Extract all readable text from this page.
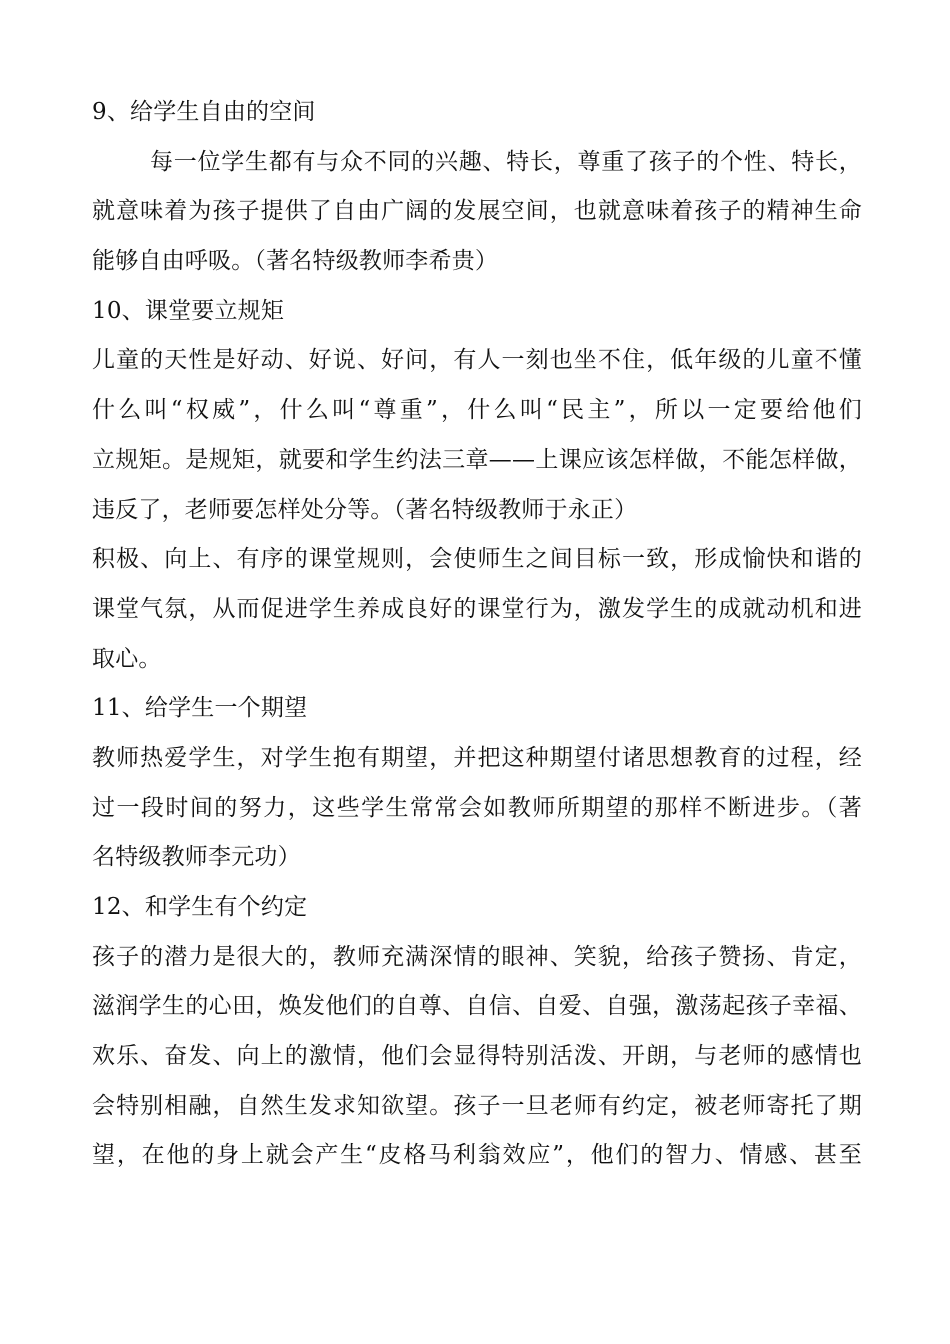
9、给学生自由的空间
每一位学生都有与众不同的兴趣、特长，尊重了孩子的个性、特长，
就意味着为孩子提供了自由广阔的发展空间，也就意味着孩子的精神生命
能够自由呼吸。（著名特级教师李希贵）
10、课堂要立规矩
儿童的天性是好动、好说、好问，有人一刻也坐不住，低年级的儿童不懂
什么叫“权威”，什么叫“尊重”，什么叫“民主”，所以一定要给他们
立规矩。是规矩，就要和学生约法三章——上课应该怎样做，不能怎样做，
违反了，老师要怎样处分等。（著名特级教师于永正）
积极、向上、有序的课堂规则，会使师生之间目标一致，形成愉快和谐的
课堂气氛，从而促进学生养成良好的课堂行为，激发学生的成就动机和进
取心。
11、给学生一个期望
教师热爱学生，对学生抱有期望，并把这种期望付诸思想教育的过程，经
过一段时间的努力，这些学生常常会如教师所期望的那样不断进步。（著
名特级教师李元功）
12、和学生有个约定
孩子的潜力是很大的，教师充满深情的眼神、笑貌，给孩子赞扬、肯定，
滋润学生的心田，焕发他们的自尊、自信、自爱、自强，激荡起孩子幸福、
欢乐、奋发、向上的激情，他们会显得特别活泼、开朗，与老师的感情也
会特别相融，自然生发求知欲望。孩子一旦老师有约定，被老师寄托了期
望，在他的身上就会产生“皮格马利翁效应”，他们的智力、情感、甚至
